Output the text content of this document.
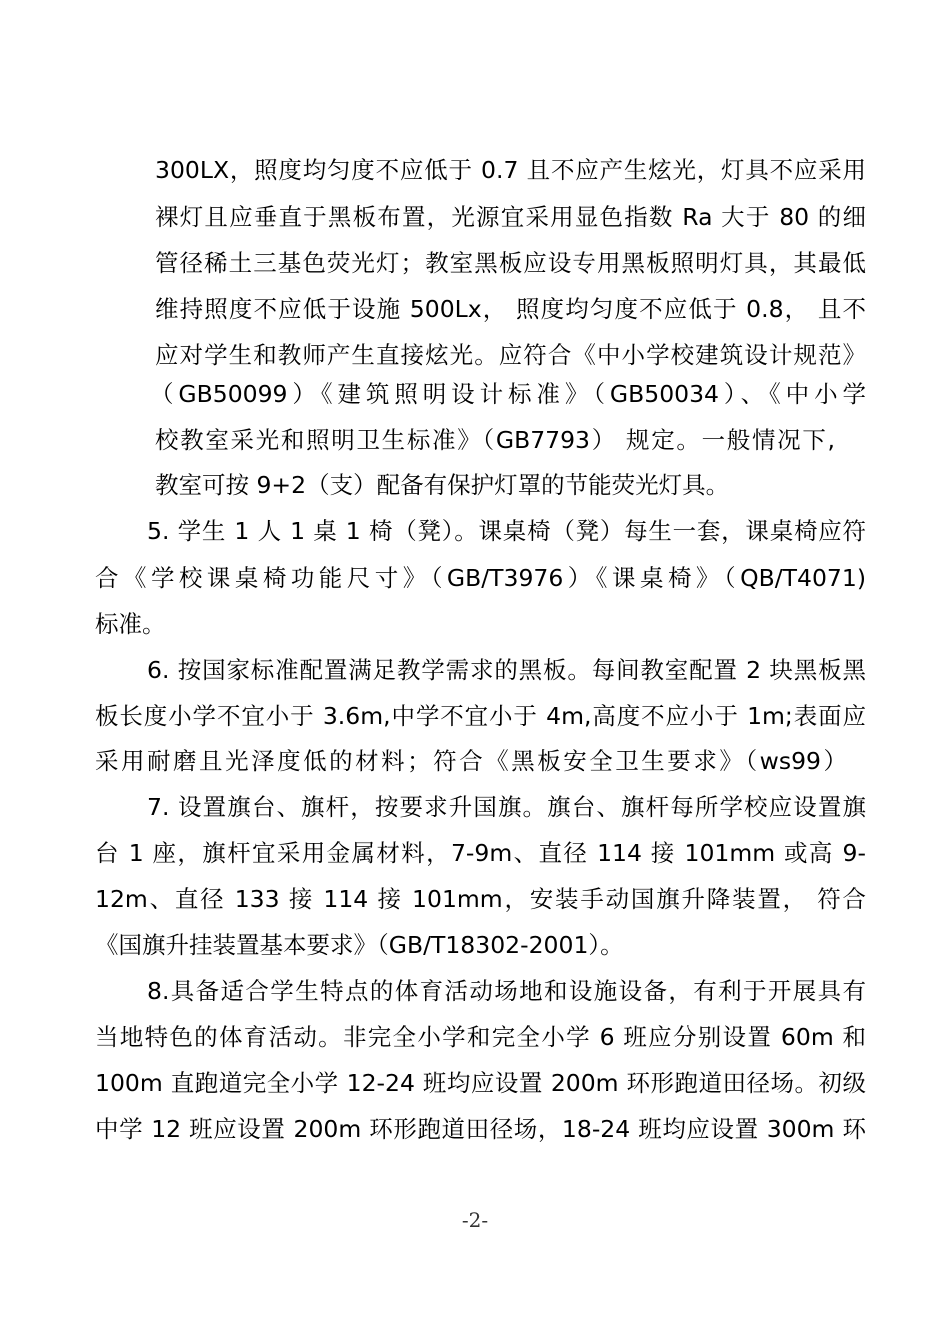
300LX，照度均匀度不应低于 0.7 且不应产生炫光，灯具不应采用
裸灯且应垂直于黑板布置，光源宜采用显色指数 Ra 大于 80 的细
管径稀土三基色荧光灯；教室黑板应设专用黑板照明灯具，其最低
维持照度不应低于设施 500Lx， 照度均匀度不应低于 0.8， 且不
应对学生和教师产生直接炫光。应符合《中小学校建筑设计规范》
（GB50099）《建筑照明设计标准》（GB50034）、《中小学
校教室采光和照明卫生标准》（GB7793） 规定。一般情况下,
教室可按 9+2（支）配备有保护灯罩的节能荧光灯具。
5. 学生 1 人 1 桌 1 椅（凳）。课桌椅（凳）每生一套，课桌椅应符
合《学校课桌椅功能尺寸》（GB/T3976）《课桌椅》（QB/T4071)
标准。
6. 按国家标准配置满足教学需求的黑板。每间教室配置 2 块黑板黑
板长度小学不宜小于 3.6m,中学不宜小于 4m,高度不应小于 1m;表面应
采用耐磨且光泽度低的材料；符合《黑板安全卫生要求》（ws99）
7. 设置旗台、旗杆，按要求升国旗。旗台、旗杆每所学校应设置旗
台 1 座，旗杆宜采用金属材料，7-9m、直径 114 接 101mm 或高 9-
12m、直径 133 接 114 接 101mm，安装手动国旗升降装置， 符合
《国旗升挂装置基本要求》（GB/T18302-2001）。
8.具备适合学生特点的体育活动场地和设施设备，有利于开展具有
当地特色的体育活动。非完全小学和完全小学 6 班应分别设置 60m 和
100m 直跑道完全小学 12-24 班均应设置 200m 环形跑道田径场。初级
中学 12 班应设置 200m 环形跑道田径场，18-24 班均应设置 300m 环
-2-
